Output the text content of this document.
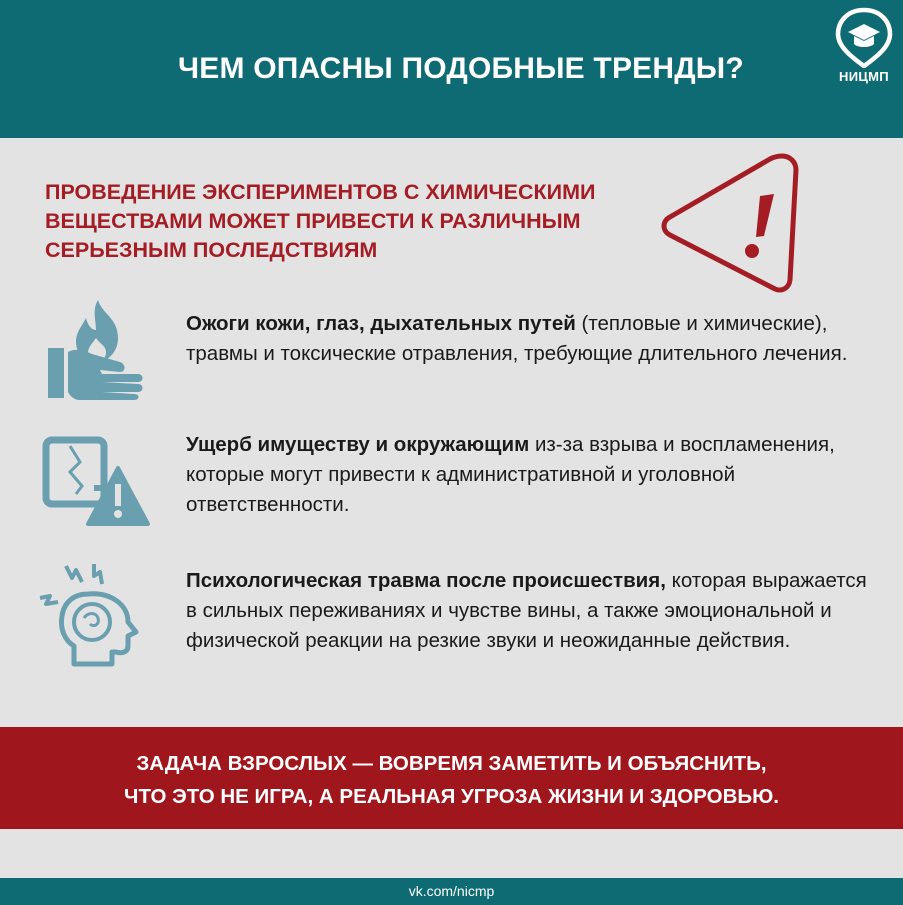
ЧЕМ ОПАСНЫ ПОДОБНЫЕ ТРЕНДЫ?	НИЦМП
ПРОВЕДЕНИЕ ЭКСПЕРИМЕНТОВ С ХИМИЧЕСКИМИ
ВЕЩЕСТВАМИ МОЖЕТ ПРИВЕСТИ К РАЗЛИЧНЫМ
СЕРЬЕЗНЫМ ПОСЛЕДСТВИЯМ
Ожоги кожи, глаз, дыхательных путей (тепловые и химические), травмы и токсические отравления, требующие длительного лечения.
Ущерб имуществу и окружающим из-за взрыва и воспламенения, которые могут привести к административной и уголовной ответственности.
Психологическая травма после происшествия, которая выражается в сильных переживаниях и чувстве вины, а также эмоциональной и физической реакции на резкие звуки и неожиданные действия.
ЗАДАЧА ВЗРОСЛЫХ — ВОВРЕМЯ ЗАМЕТИТЬ И ОБЪЯСНИТЬ,
ЧТО ЭТО НЕ ИГРА, А РЕАЛЬНАЯ УГРОЗА ЖИЗНИ И ЗДОРОВЬЮ.
vk.com/nicmp
